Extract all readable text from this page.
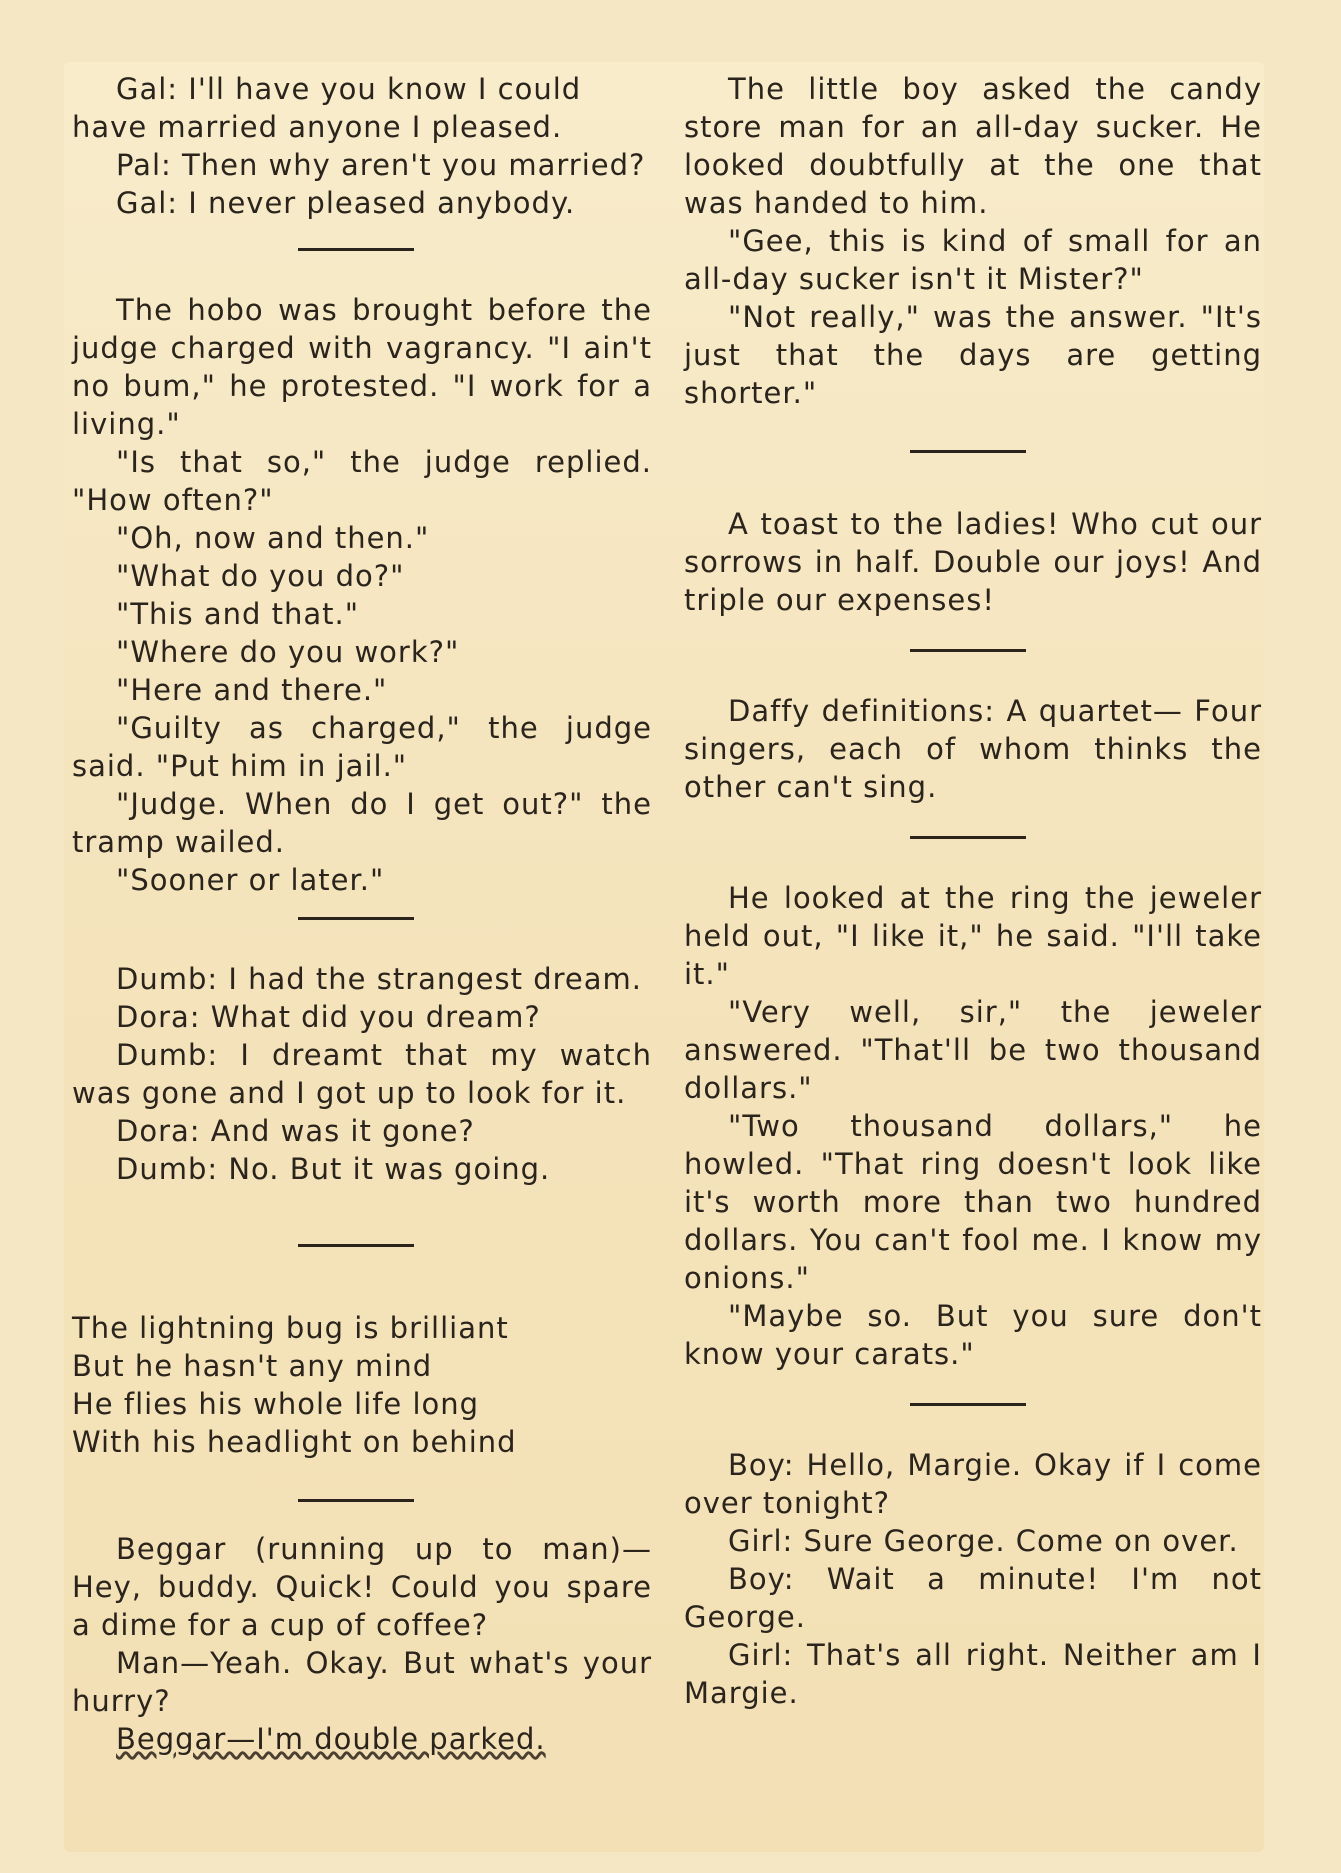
Gal: I'll have you know I could

have married anyone I pleased.

Pal: Then why aren't you married?

Gal: I never pleased anybody.

The hobo was brought before the judge charged with vagrancy. "I ain't no bum," he protested. "I work for a living."

"Is that so," the judge replied. "How often?"

"Oh, now and then."

"What do you do?"

"This and that."

"Where do you work?"

"Here and there."

"Guilty as charged," the judge said. "Put him in jail."

"Judge. When do I get out?" the tramp wailed.

"Sooner or later."

Dumb: I had the strangest dream.

Dora: What did you dream?

Dumb: I dreamt that my watch was gone and I got up to look for it.

Dora: And was it gone?

Dumb: No. But it was going.

The lightning bug is brilliant

But he hasn't any mind

He flies his whole life long

With his headlight on behind

Beggar (running up to man)— Hey, buddy. Quick! Could you spare a dime for a cup of coffee?

Man—Yeah. Okay. But what's your hurry?

Beggar—I'm double parked.

The little boy asked the candy store man for an all-day sucker. He looked doubtfully at the one that was handed to him.

"Gee, this is kind of small for an all-day sucker isn't it Mister?"

"Not really," was the answer. "It's just that the days are getting shorter."

A toast to the ladies! Who cut our sorrows in half. Double our joys! And triple our expenses!

Daffy definitions: A quartet— Four singers, each of whom thinks the other can't sing.

He looked at the ring the jeweler held out, "I like it," he said. "I'll take it."

"Very well, sir," the jeweler answered. "That'll be two thousand dollars."

"Two thousand dollars," he howled. "That ring doesn't look like it's worth more than two hundred dollars. You can't fool me. I know my onions."

"Maybe so. But you sure don't know your carats."

Boy: Hello, Margie. Okay if I come over tonight?

Girl: Sure George. Come on over.

Boy: Wait a minute! I'm not George.

Girl: That's all right. Neither am I Margie.
